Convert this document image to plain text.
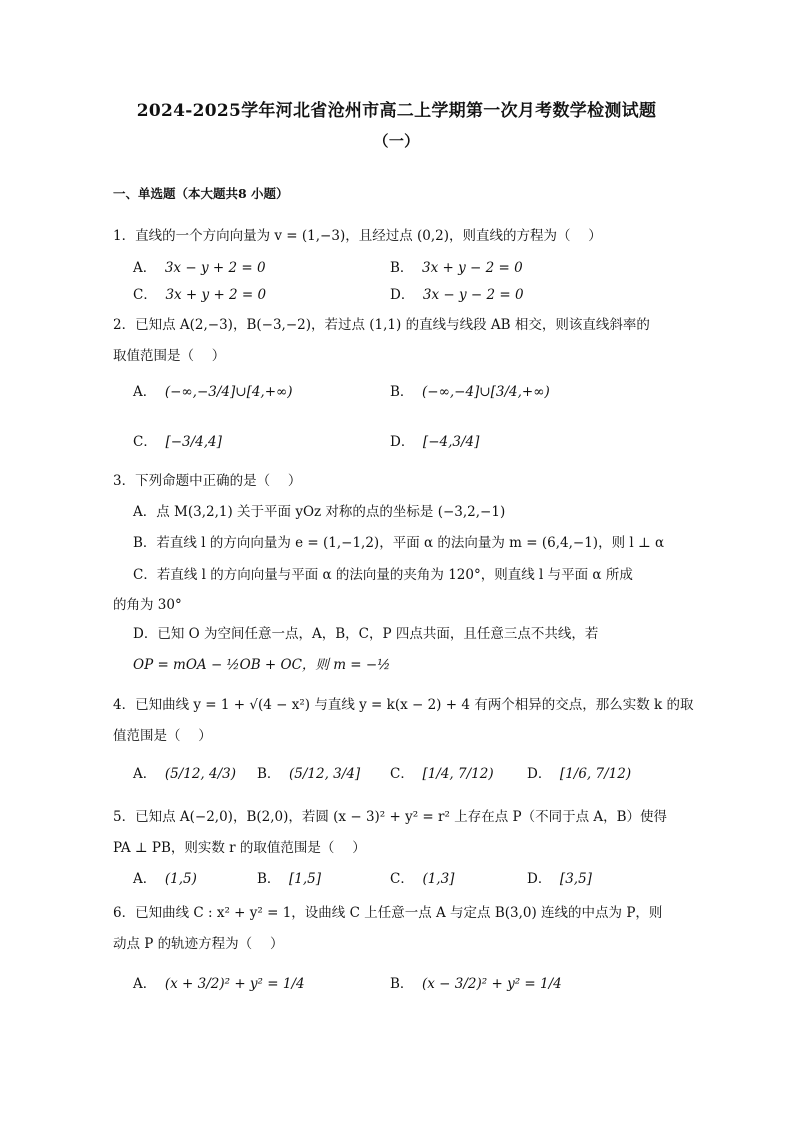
2024-2025学年河北省沧州市高二上学期第一次月考数学检测试题
（一）
一、单选题（本大题共8 小题）
1．直线的一个方向向量为 v = (1,−3)，且经过点 (0,2)，则直线的方程为（　 ）
A． 3x − y + 2 = 0	B． 3x + y − 2 = 0
C． 3x + y + 2 = 0	D． 3x − y − 2 = 0
2．已知点 A(2,−3)，B(−3,−2)，若过点 (1,1) 的直线与线段 AB 相交，则该直线斜率的
取值范围是（　 ）
A． (−∞,−3/4]∪[4,+∞)	B． (−∞,−4]∪[3/4,+∞)
C． [−3/4,4]	D． [−4,3/4]
3．下列命题中正确的是（　 ）
A．点 M(3,2,1) 关于平面 yOz 对称的点的坐标是 (−3,2,−1)
B．若直线 l 的方向向量为 e = (1,−1,2)，平面 α 的法向量为 m = (6,4,−1)，则 l ⊥ α
C．若直线 l 的方向向量与平面 α 的法向量的夹角为 120°，则直线 l 与平面 α 所成
的角为 30°
D．已知 O 为空间任意一点，A，B，C，P 四点共面，且任意三点不共线，若
OP = mOA − ½OB + OC，则 m = −½
4．已知曲线 y = 1 + √(4 − x²) 与直线 y = k(x − 2) + 4 有两个相异的交点，那么实数 k 的取
值范围是（　 ）
A． (5/12, 4/3) B． (5/12, 3/4] C． [1/4, 7/12) D． [1/6, 7/12)
5．已知点 A(−2,0)，B(2,0)，若圆 (x − 3)² + y² = r² 上存在点 P（不同于点 A，B）使得
PA ⊥ PB，则实数 r 的取值范围是（　 ）
A． (1,5)	B． [1,5]	C． (1,3]	D． [3,5]
6．已知曲线 C : x² + y² = 1，设曲线 C 上任意一点 A 与定点 B(3,0) 连线的中点为 P，则
动点 P 的轨迹方程为（　 ）
A． (x + 3/2)² + y² = 1/4	B． (x − 3/2)² + y² = 1/4
